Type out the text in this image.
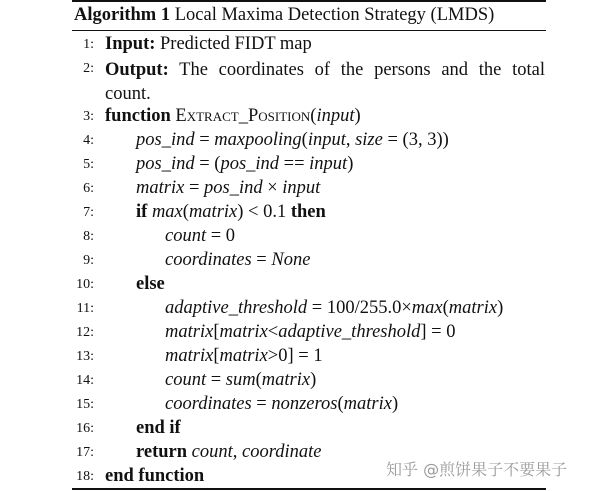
Algorithm 1 Local Maxima Detection Strategy (LMDS)
1: Input: Predicted FIDT map
2: Output: The coordinates of the persons and the total count.
3: function Extract_Position(input)
4: pos_ind = maxpooling(input, size = (3, 3))
5: pos_ind = (pos_ind == input)
6: matrix = pos_ind × input
7: if max(matrix) < 0.1 then
8:	count = 0
9:	coordinates = None
10: else
11:	adaptive_threshold = 100/255.0×max(matrix)
12:	matrix[matrix<adaptive_threshold] = 0
13:	matrix[matrix>0] = 1
14:	count = sum(matrix)
15:	coordinates = nonzeros(matrix)
16: end if
17: return count, coordinate
18: end function	知乎 @煎饼果子不要果子
